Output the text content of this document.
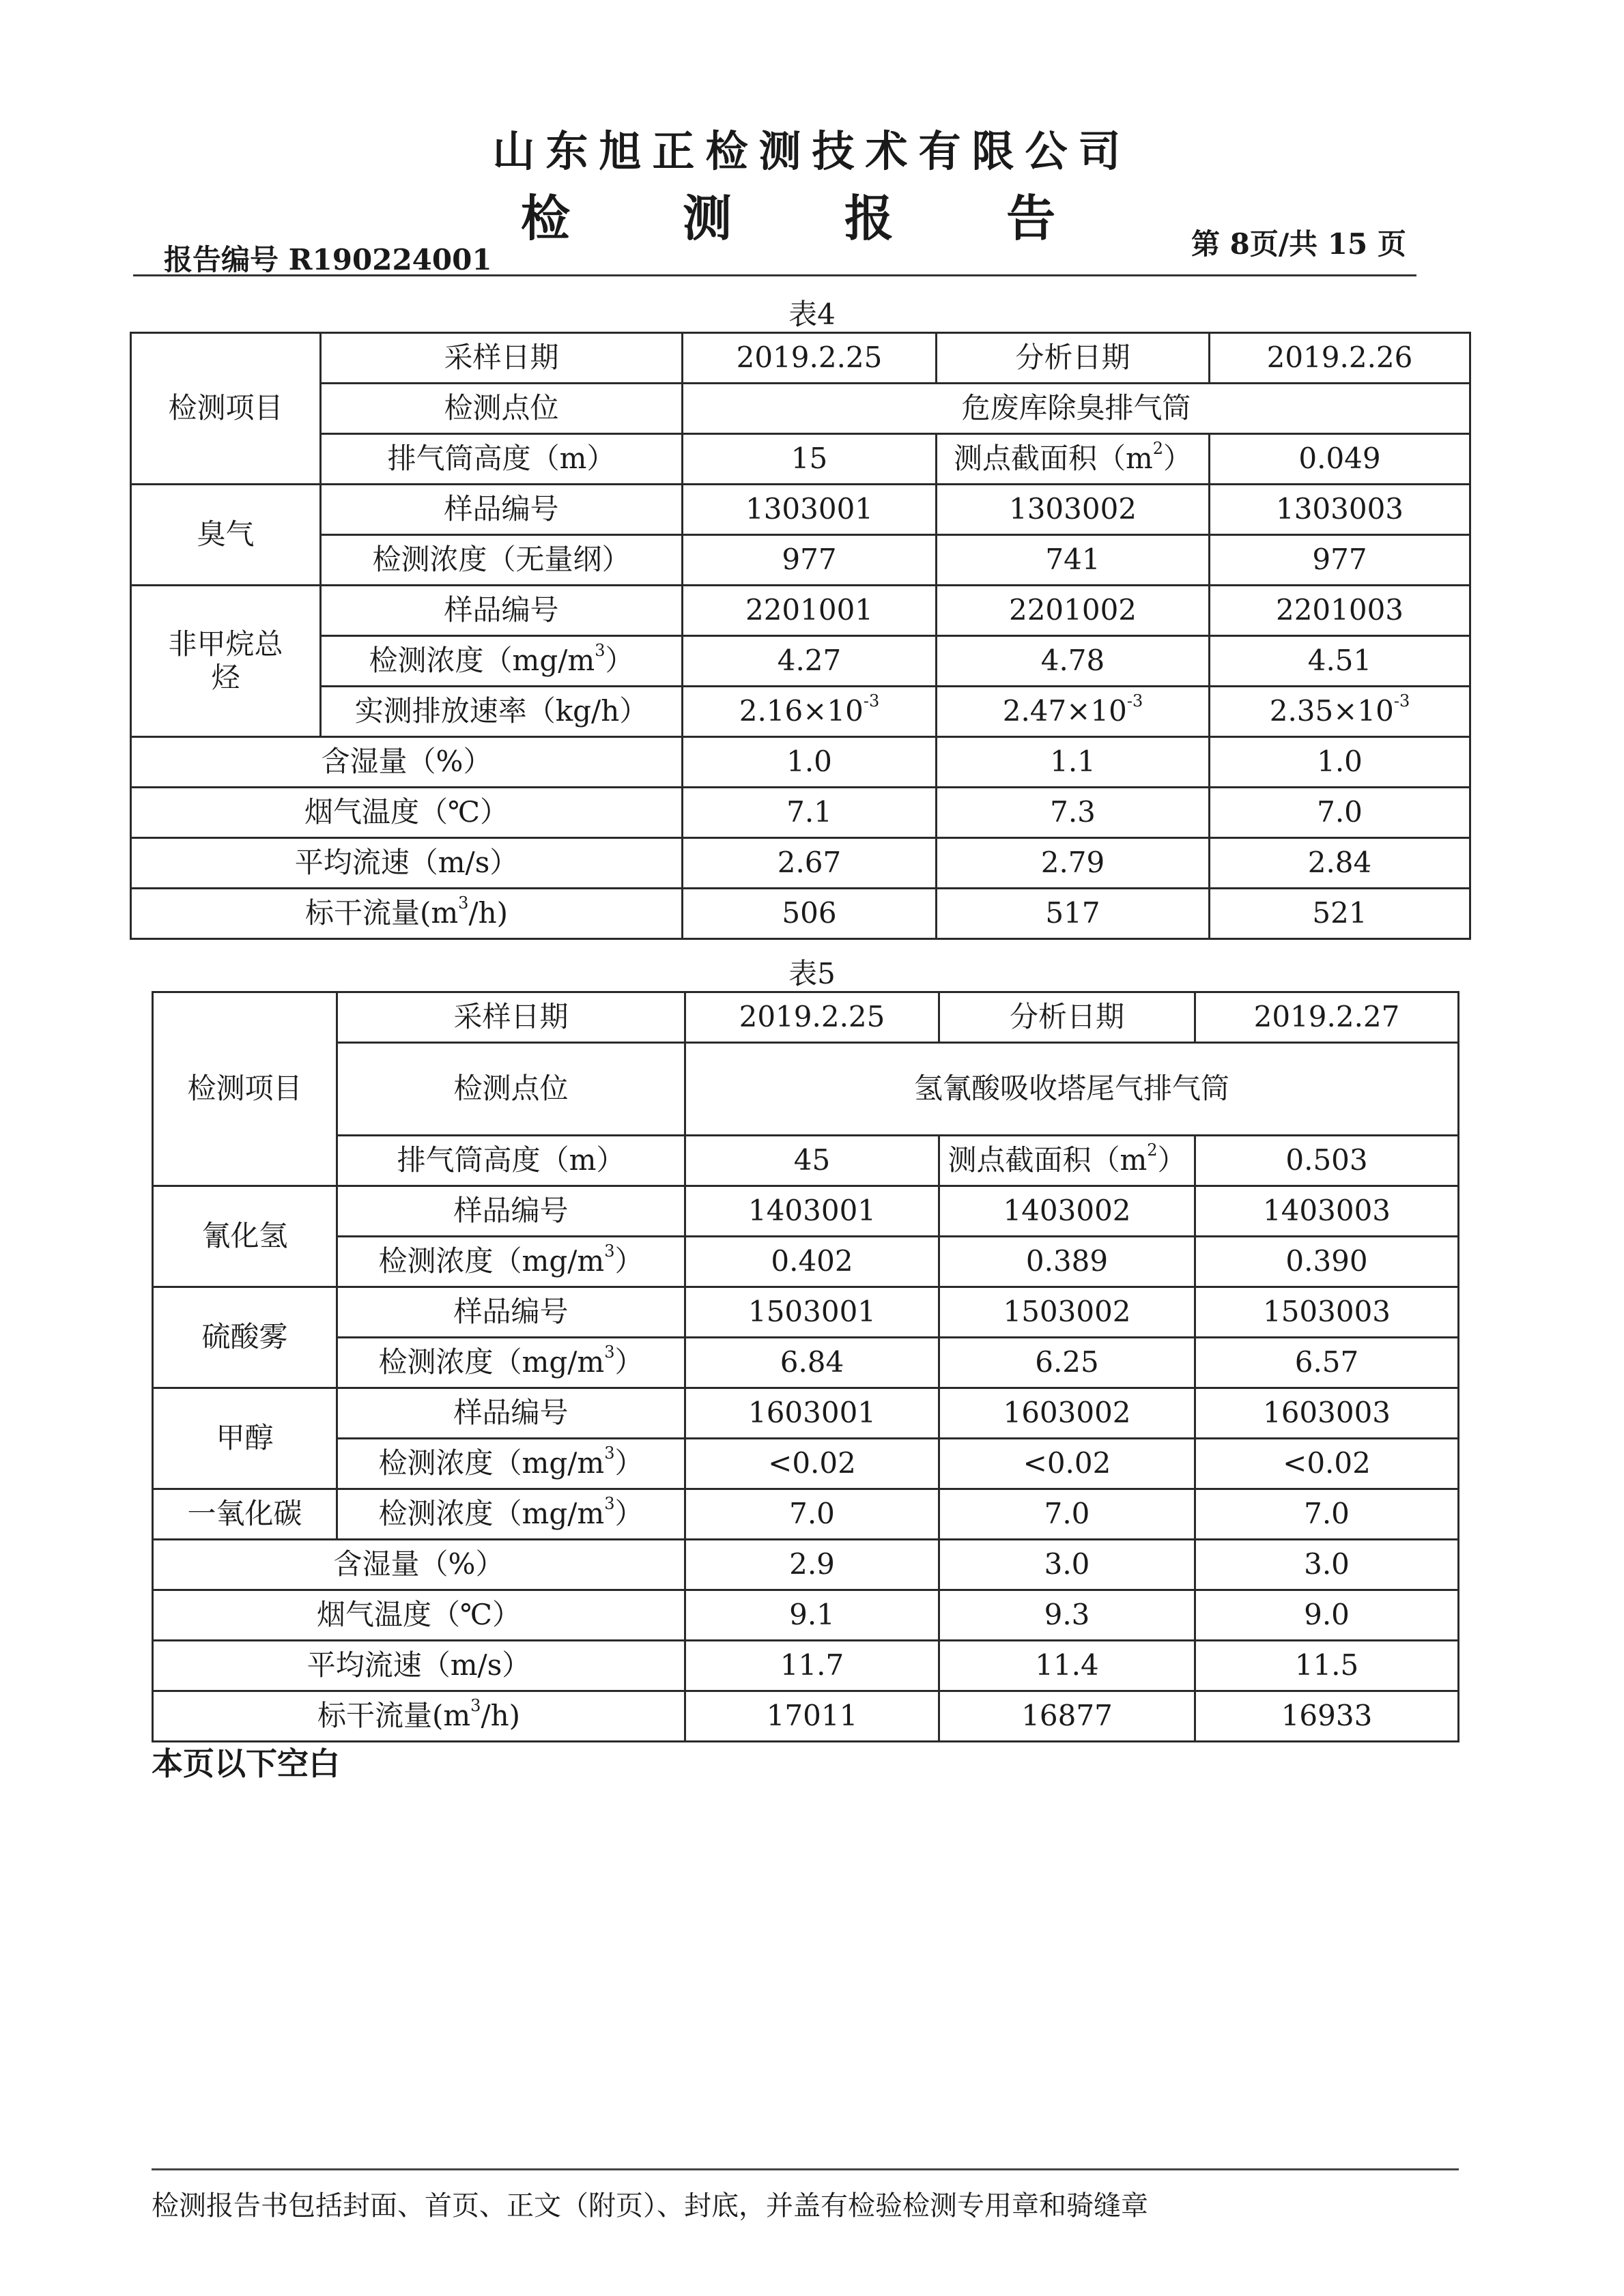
山东旭正检测技术有限公司
检 测 报 告
报告编号 R190224001	第 8页/共 15 页
表4
检测项目	采样日期	2019.2.25	分析日期	2019.2.26
	检测点位	危废库除臭排气筒		
	排气筒高度（m）	15	测点截面积$(m^2)$	0.049
臭气	样品编号	1303001	1303002	1303003
	检测浓度（无量纲）	977	741	977
非甲烷总烃	样品编号	2201001	2201002	2201003
	检测浓度$(mg/m^3)$	4.27	4.78	4.51
	实测排放速率（kg/h）	$2.16\times 10^{-3}$	$2.47\times 10^{-3}$	$2.35\times 10^{-3}$
含湿量（%）		1.0	1.1	1.0
烟气温度（℃）		7.1	7.3	7.0
平均流速（m/s）		2.67	2.79	2.84
标干流量$(m^3/h)$		506	517	521
表5
检测项目	采样日期	2019.2.25	分析日期	2019.2.27
	检测点位	氢氰酸吸收塔尾气排气筒		
	排气筒高度（m）	45	测点截面积$(m^2)$	0.503
氰化氢	样品编号	1403001	1403002	1403003
	检测浓度$(mg/m^3)$	0.402	0.389	0.390
硫酸雾	样品编号	1503001	1503002	1503003
	检测浓度$(mg/m^3)$	6.84	6.25	6.57
甲醇	样品编号	1603001	1603002	1603003
	检测浓度$(mg/m^3)$	<0.02	<0.02	<0.02
一氧化碳	检测浓度$(mg/m^3)$	7.0	7.0	7.0
含湿量（%）		2.9	3.0	3.0
烟气温度（℃）		9.1	9.3	9.0
平均流速（m/s）		11.7	11.4	11.5
标干流量$(m^3/h)$		17011	16877	16933
本页以下空白
检测报告书包括封面、首页、正文（附页）、封底，并盖有检验检测专用章和骑缝章
